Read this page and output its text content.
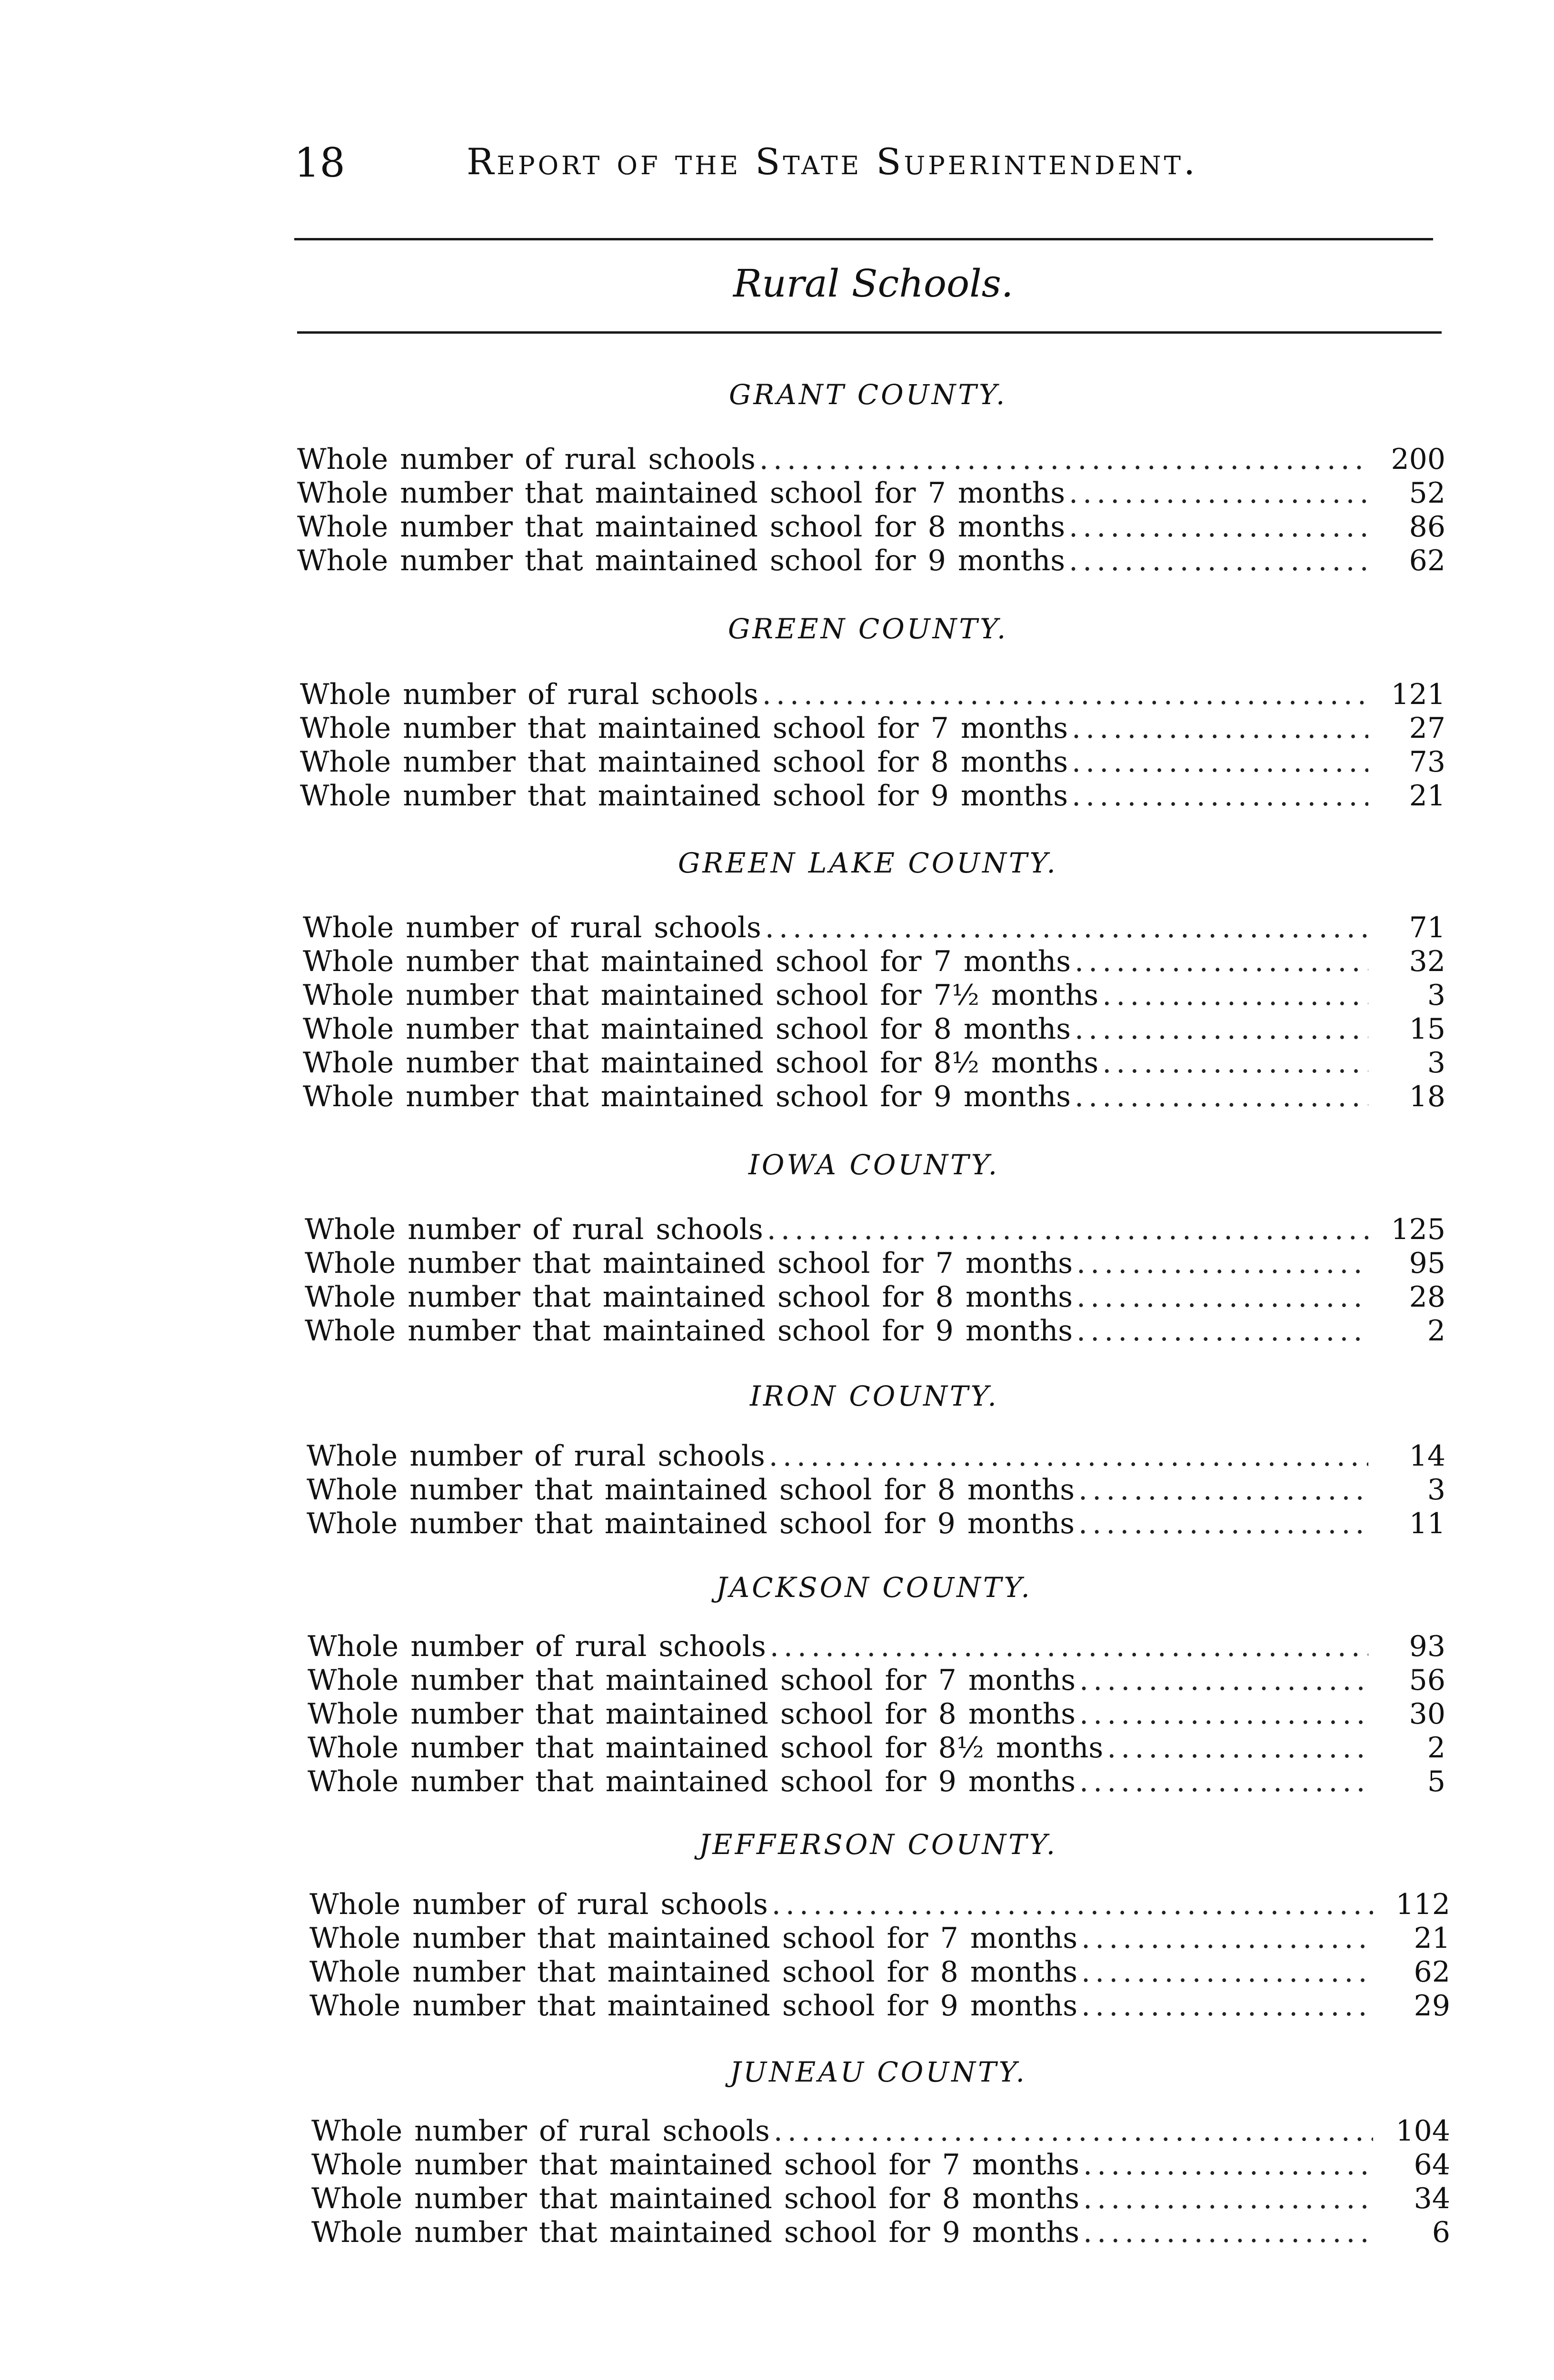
18	Report of the State Superintendent.
Rural Schools.
GRANT COUNTY.
Whole number of rural schools .....	200
Whole number that maintained school for 7 months .....	52
Whole number that maintained school for 8 months .....	86
Whole number that maintained school for 9 months .....	62
GREEN COUNTY.
Whole number of rural schools .....	121
Whole number that maintained school for 7 months .....	27
Whole number that maintained school for 8 months .....	73
Whole number that maintained school for 9 months .....	21
GREEN LAKE COUNTY.
Whole number of rural schools .....	71
Whole number that maintained school for 7 months .....	32
Whole number that maintained school for 7½ months .....	3
Whole number that maintained school for 8 months .....	15
Whole number that maintained school for 8½ months .....	3
Whole number that maintained school for 9 months .....	18
IOWA COUNTY.
Whole number of rural schools .....	125
Whole number that maintained school for 7 months .....	95
Whole number that maintained school for 8 months .....	28
Whole number that maintained school for 9 months .....	2
IRON COUNTY.
Whole number of rural schools .....	14
Whole number that maintained school for 8 months .....	3
Whole number that maintained school for 9 months .....	11
JACKSON COUNTY.
Whole number of rural schools .....	93
Whole number that maintained school for 7 months .....	56
Whole number that maintained school for 8 months .....	30
Whole number that maintained school for 8½ months .....	2
Whole number that maintained school for 9 months .....	5
JEFFERSON COUNTY.
Whole number of rural schools .....	112
Whole number that maintained school for 7 months .....	21
Whole number that maintained school for 8 months .....	62
Whole number that maintained school for 9 months .....	29
JUNEAU COUNTY.
Whole number of rural schools .....	104
Whole number that maintained school for 7 months .....	64
Whole number that maintained school for 8 months .....	34
Whole number that maintained school for 9 months .....	6
